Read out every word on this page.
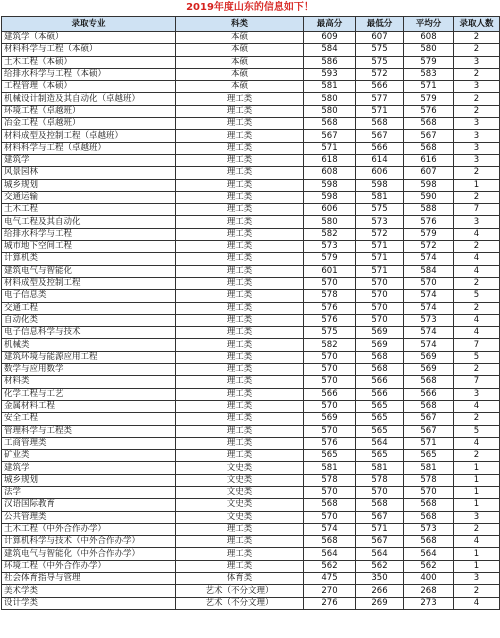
2019年度山东的信息如下！
录取专业	科类	最高分	最低分	平均分	录取人数
建筑学（本硕）	本硕	609	607	608	2
材料科学与工程（本硕）	本硕	584	575	580	2
土木工程（本硕）	本硕	586	575	579	3
给排水科学与工程（本硕）	本硕	593	572	583	2
工程管理（本硕）	本硕	581	566	571	3
机械设计制造及其自动化（卓越班）	理工类	580	577	579	2
环境工程（卓越班）	理工类	580	571	576	2
冶金工程（卓越班）	理工类	568	568	568	3
材料成型及控制工程（卓越班）	理工类	567	567	567	3
材料科学与工程（卓越班）	理工类	571	566	568	3
建筑学	理工类	618	614	616	3
风景园林	理工类	608	606	607	2
城乡规划	理工类	598	598	598	1
交通运输	理工类	598	581	590	2
土木工程	理工类	606	575	588	7
电气工程及其自动化	理工类	580	573	576	3
给排水科学与工程	理工类	582	572	579	4
城市地下空间工程	理工类	573	571	572	2
计算机类	理工类	579	571	574	4
建筑电气与智能化	理工类	601	571	584	4
材料成型及控制工程	理工类	570	570	570	2
电子信息类	理工类	578	570	574	5
交通工程	理工类	576	570	574	2
自动化类	理工类	576	570	573	4
电子信息科学与技术	理工类	575	569	574	4
机械类	理工类	582	569	574	7
建筑环境与能源应用工程	理工类	570	568	569	5
数学与应用数学	理工类	570	568	569	2
材料类	理工类	570	566	568	7
化学工程与工艺	理工类	566	566	566	3
金属材料工程	理工类	570	565	568	4
安全工程	理工类	569	565	567	2
管理科学与工程类	理工类	570	565	567	5
工商管理类	理工类	576	564	571	4
矿业类	理工类	565	565	565	2
建筑学	文史类	581	581	581	1
城乡规划	文史类	578	578	578	1
法学	文史类	570	570	570	1
汉语国际教育	文史类	568	568	568	1
公共管理类	文史类	570	567	568	3
土木工程（中外合作办学）	理工类	574	571	573	2
计算机科学与技术（中外合作办学）	理工类	568	567	568	4
建筑电气与智能化（中外合作办学）	理工类	564	564	564	1
环境工程（中外合作办学）	理工类	562	562	562	1
社会体育指导与管理	体育类	475	350	400	3
美术学类	艺术（不分文理）	270	266	268	2
设计学类	艺术（不分文理）	276	269	273	4
